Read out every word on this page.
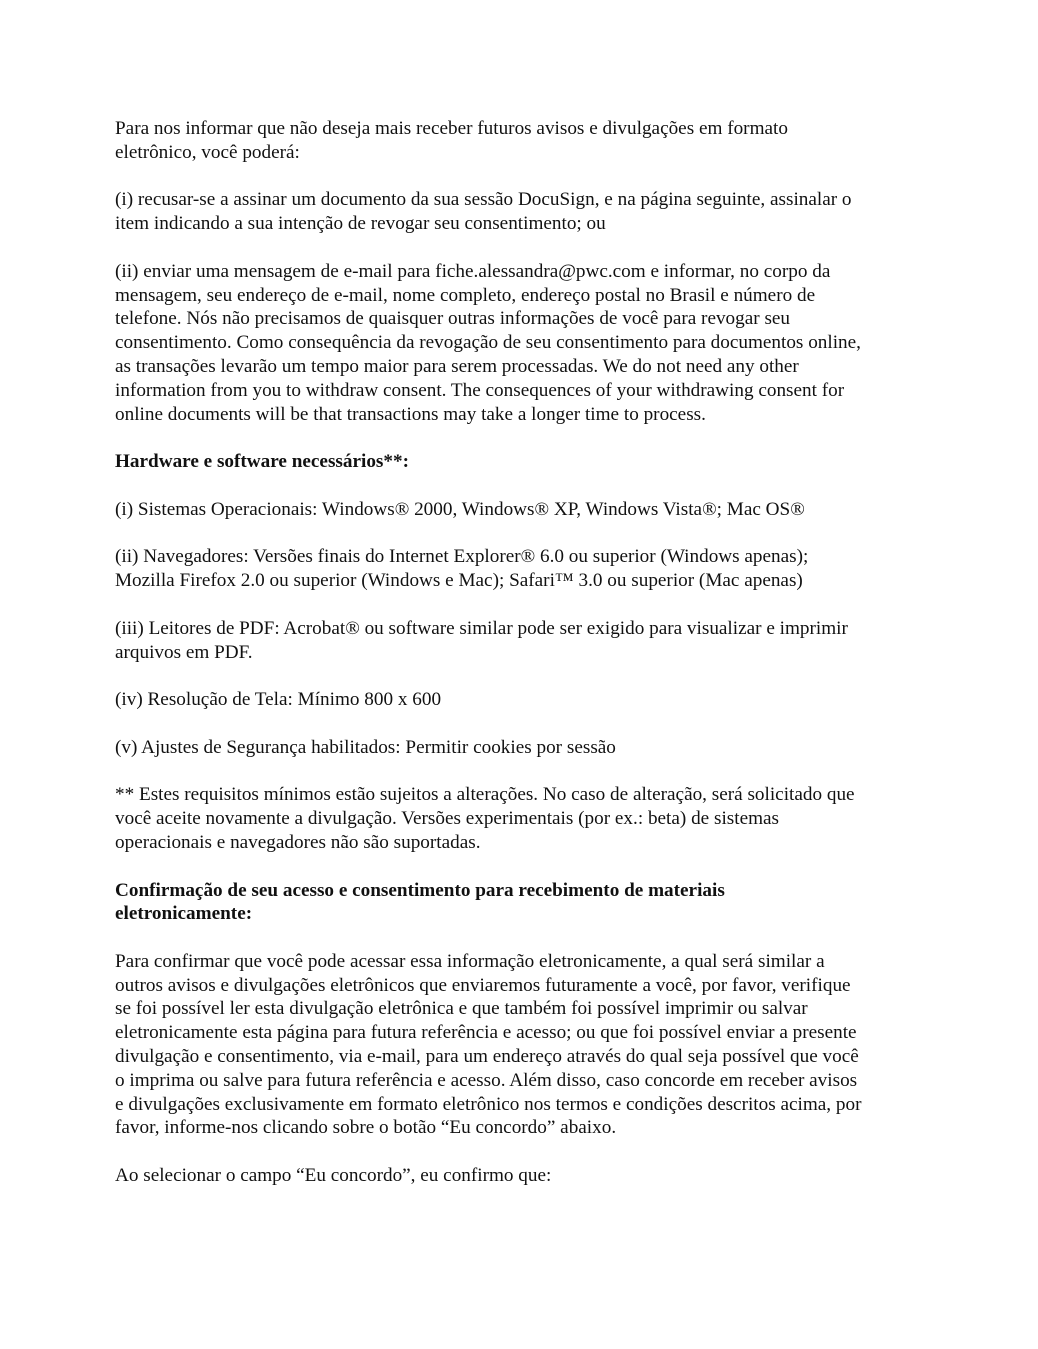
Para nos informar que não deseja mais receber futuros avisos e divulgações em formato
eletrônico, você poderá:

(i) recusar-se a assinar um documento da sua sessão DocuSign, e na página seguinte, assinalar o
item indicando a sua intenção de revogar seu consentimento; ou

(ii) enviar uma mensagem de e-mail para fiche.alessandra@pwc.com e informar, no corpo da
mensagem, seu endereço de e-mail, nome completo, endereço postal no Brasil e número de
telefone. Nós não precisamos de quaisquer outras informações de você para revogar seu
consentimento. Como consequência da revogação de seu consentimento para documentos online,
as transações levarão um tempo maior para serem processadas. We do not need any other
information from you to withdraw consent. The consequences of your withdrawing consent for
online documents will be that transactions may take a longer time to process.

Hardware e software necessários**:

(i) Sistemas Operacionais: Windows® 2000, Windows® XP, Windows Vista®; Mac OS®

(ii) Navegadores: Versões finais do Internet Explorer® 6.0 ou superior (Windows apenas);
Mozilla Firefox 2.0 ou superior (Windows e Mac); Safari™ 3.0 ou superior (Mac apenas)

(iii) Leitores de PDF: Acrobat® ou software similar pode ser exigido para visualizar e imprimir
arquivos em PDF.

(iv) Resolução de Tela: Mínimo 800 x 600

(v) Ajustes de Segurança habilitados: Permitir cookies por sessão

** Estes requisitos mínimos estão sujeitos a alterações. No caso de alteração, será solicitado que
você aceite novamente a divulgação. Versões experimentais (por ex.: beta) de sistemas
operacionais e navegadores não são suportadas.

Confirmação de seu acesso e consentimento para recebimento de materiais
eletronicamente:

Para confirmar que você pode acessar essa informação eletronicamente, a qual será similar a
outros avisos e divulgações eletrônicos que enviaremos futuramente a você, por favor, verifique
se foi possível ler esta divulgação eletrônica e que também foi possível imprimir ou salvar
eletronicamente esta página para futura referência e acesso; ou que foi possível enviar a presente
divulgação e consentimento, via e-mail, para um endereço através do qual seja possível que você
o imprima ou salve para futura referência e acesso. Além disso, caso concorde em receber avisos
e divulgações exclusivamente em formato eletrônico nos termos e condições descritos acima, por
favor, informe-nos clicando sobre o botão “Eu concordo” abaixo.

Ao selecionar o campo “Eu concordo”, eu confirmo que:
